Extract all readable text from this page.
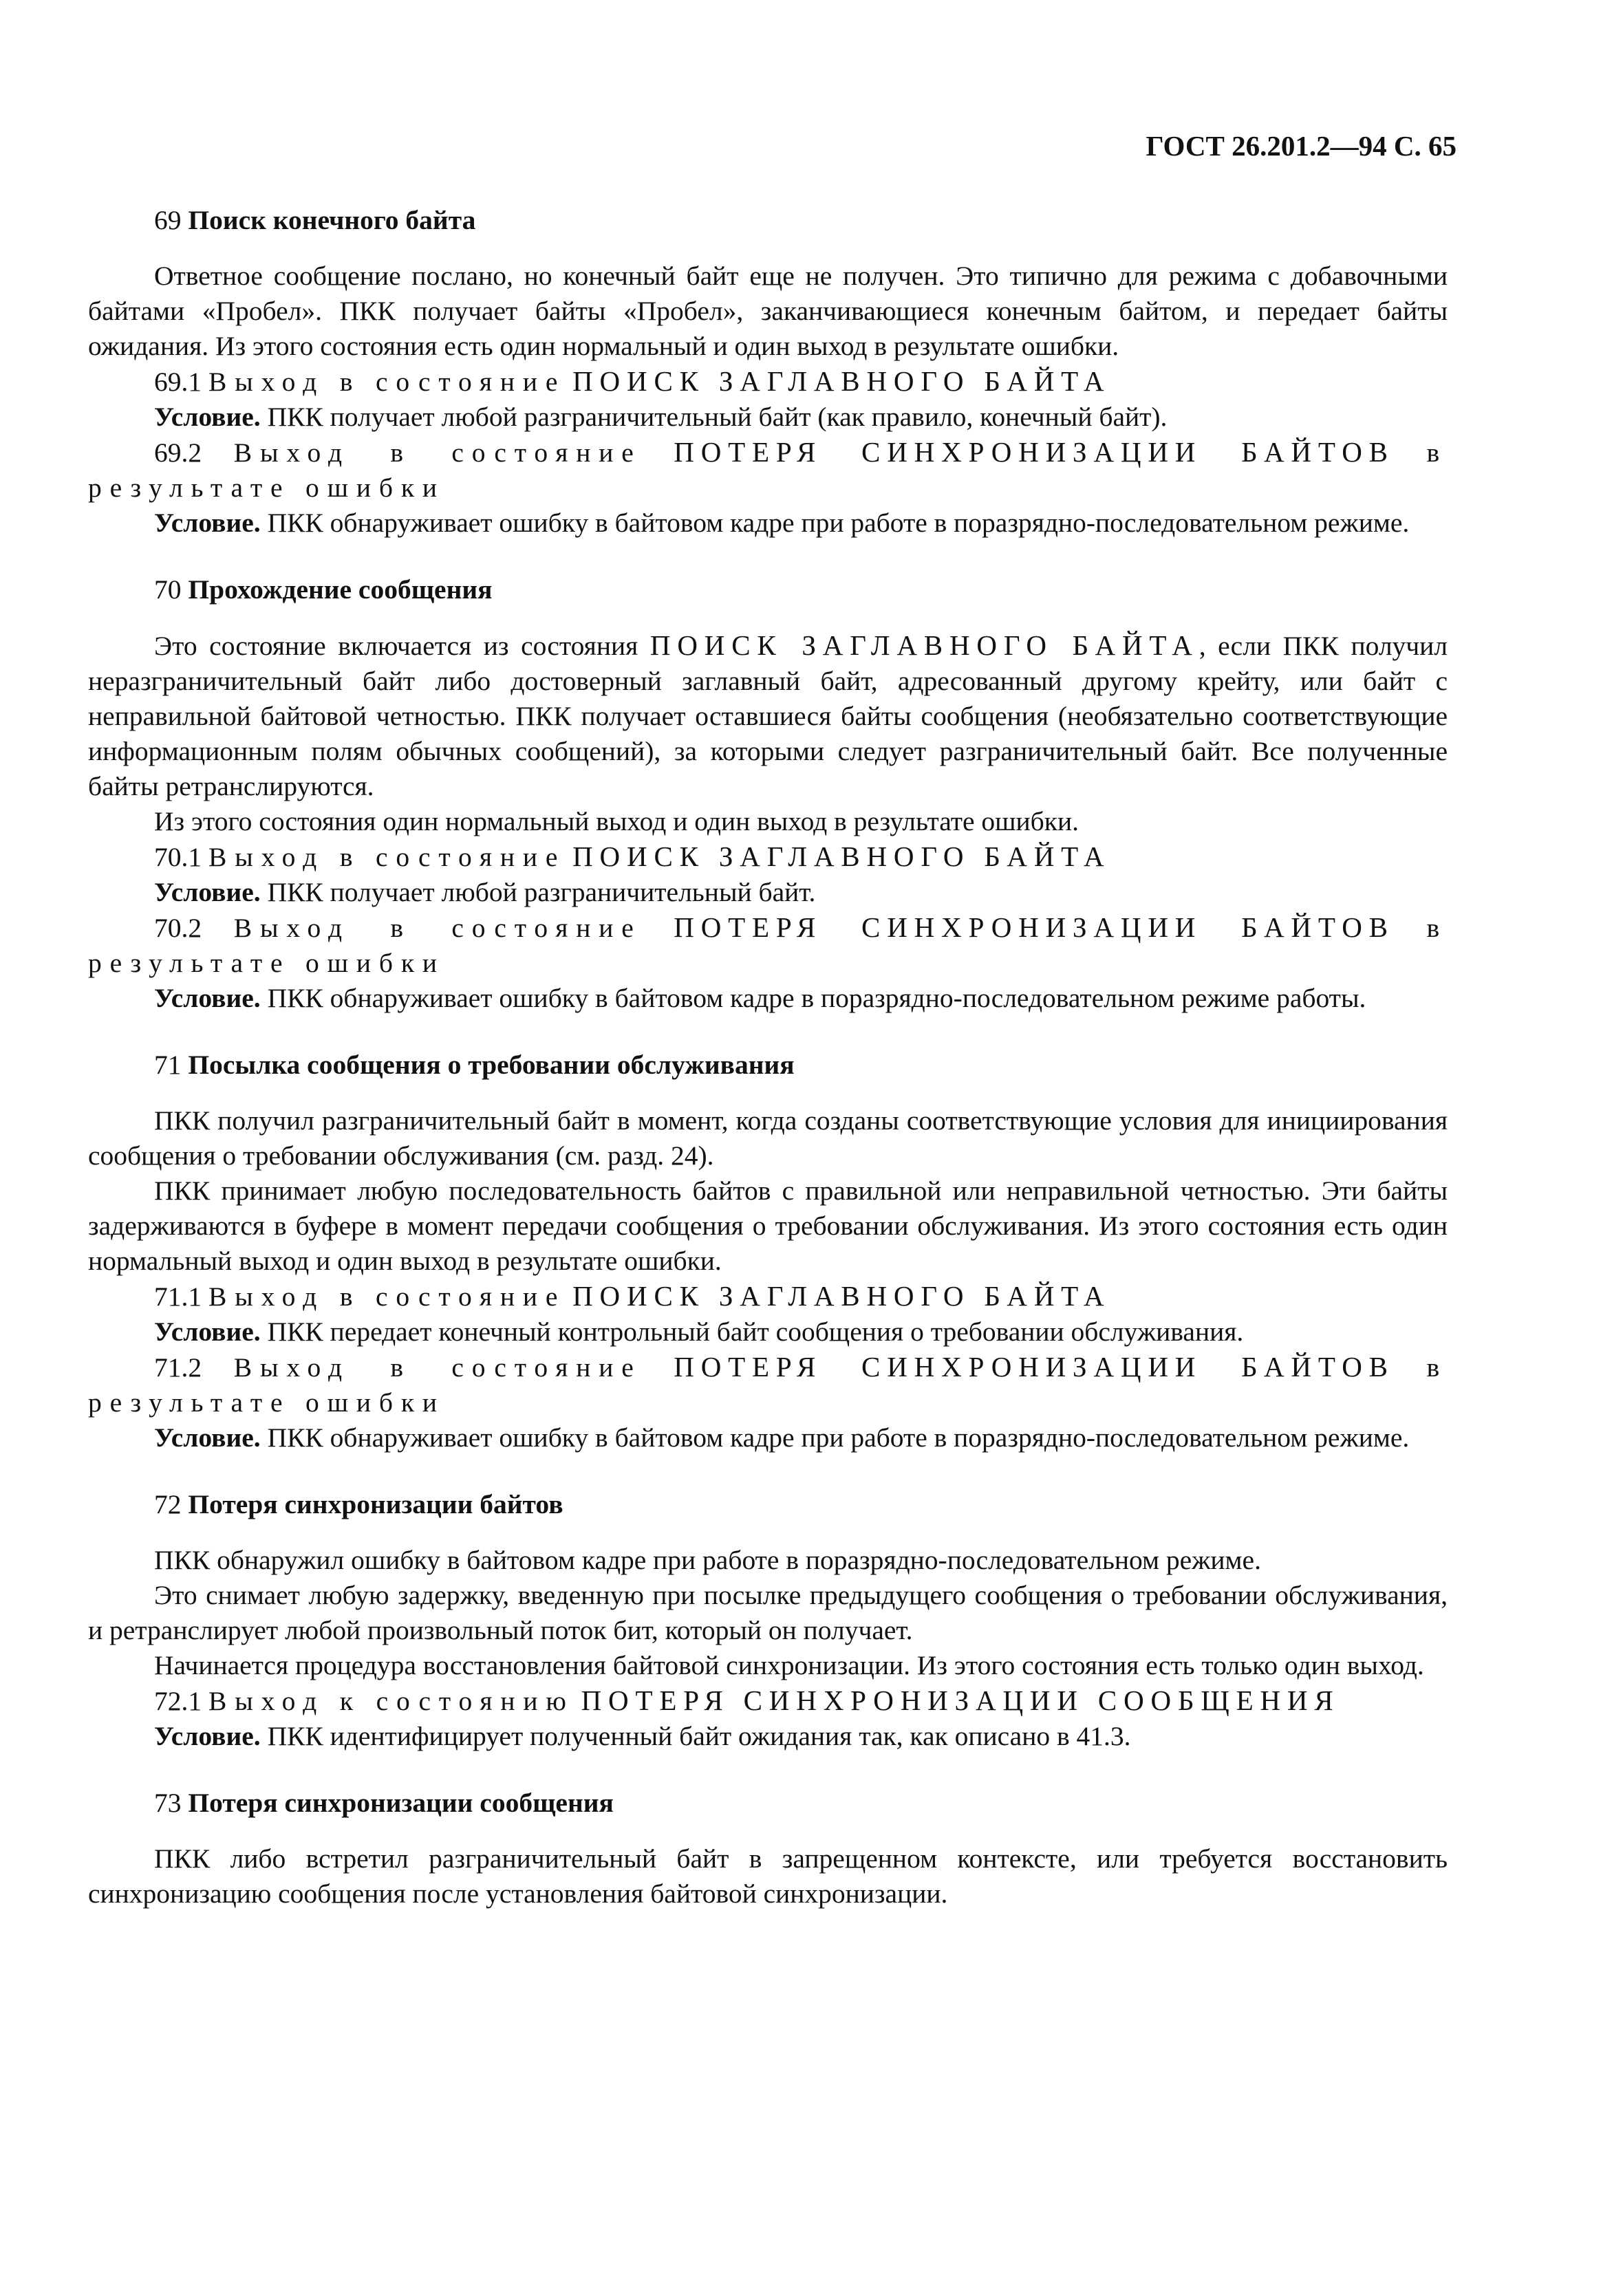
ГОСТ 26.201.2—94 С. 65

69 Поиск конечного байта

Ответное сообщение послано, но конечный байт еще не получен. Это типично для режима с добавочными байтами «Пробел». ПКК получает байты «Пробел», заканчивающиеся конечным байтом, и передает байты ожидания. Из этого состояния есть один нормальный и один выход в результате ошибки.

69.1 Выход в состояние ПОИСК ЗАГЛАВНОГО БАЙТА

Условие. ПКК получает любой разграничительный байт (как правило, конечный байт).

69.2 Выход в состояние ПОТЕРЯ СИНХРОНИЗАЦИИ БАЙТОВ в результате ошибки

Условие. ПКК обнаруживает ошибку в байтовом кадре при работе в поразрядно-последовательном режиме.

70 Прохождение сообщения

Это состояние включается из состояния ПОИСК ЗАГЛАВНОГО БАЙТА, если ПКК получил неразграничительный байт либо достоверный заглавный байт, адресованный другому крейту, или байт с неправильной байтовой четностью. ПКК получает оставшиеся байты сообщения (необязательно соответствующие информационным полям обычных сообщений), за которыми следует разграничительный байт. Все полученные байты ретранслируются.

Из этого состояния один нормальный выход и один выход в результате ошибки.

70.1 Выход в состояние ПОИСК ЗАГЛАВНОГО БАЙТА

Условие. ПКК получает любой разграничительный байт.

70.2 Выход в состояние ПОТЕРЯ СИНХРОНИЗАЦИИ БАЙТОВ в результате ошибки

Условие. ПКК обнаруживает ошибку в байтовом кадре в поразрядно-последовательном режиме работы.

71 Посылка сообщения о требовании обслуживания

ПКК получил разграничительный байт в момент, когда созданы соответствующие условия для инициирования сообщения о требовании обслуживания (см. разд. 24).

ПКК принимает любую последовательность байтов с правильной или неправильной четностью. Эти байты задерживаются в буфере в момент передачи сообщения о требовании обслуживания. Из этого состояния есть один нормальный выход и один выход в результате ошибки.

71.1 Выход в состояние ПОИСК ЗАГЛАВНОГО БАЙТА

Условие. ПКК передает конечный контрольный байт сообщения о требовании обслуживания.

71.2 Выход в состояние ПОТЕРЯ СИНХРОНИЗАЦИИ БАЙТОВ в результате ошибки

Условие. ПКК обнаруживает ошибку в байтовом кадре при работе в поразрядно-последовательном режиме.

72 Потеря синхронизации байтов

ПКК обнаружил ошибку в байтовом кадре при работе в поразрядно-последовательном режиме.

Это снимает любую задержку, введенную при посылке предыдущего сообщения о требовании обслуживания, и ретранслирует любой произвольный поток бит, который он получает.

Начинается процедура восстановления байтовой синхронизации. Из этого состояния есть только один выход.

72.1 Выход к состоянию ПОТЕРЯ СИНХРОНИЗАЦИИ СООБЩЕНИЯ

Условие. ПКК идентифицирует полученный байт ожидания так, как описано в 41.3.

73 Потеря синхронизации сообщения

ПКК либо встретил разграничительный байт в запрещенном контексте, или требуется восстановить синхронизацию сообщения после установления байтовой синхронизации.
